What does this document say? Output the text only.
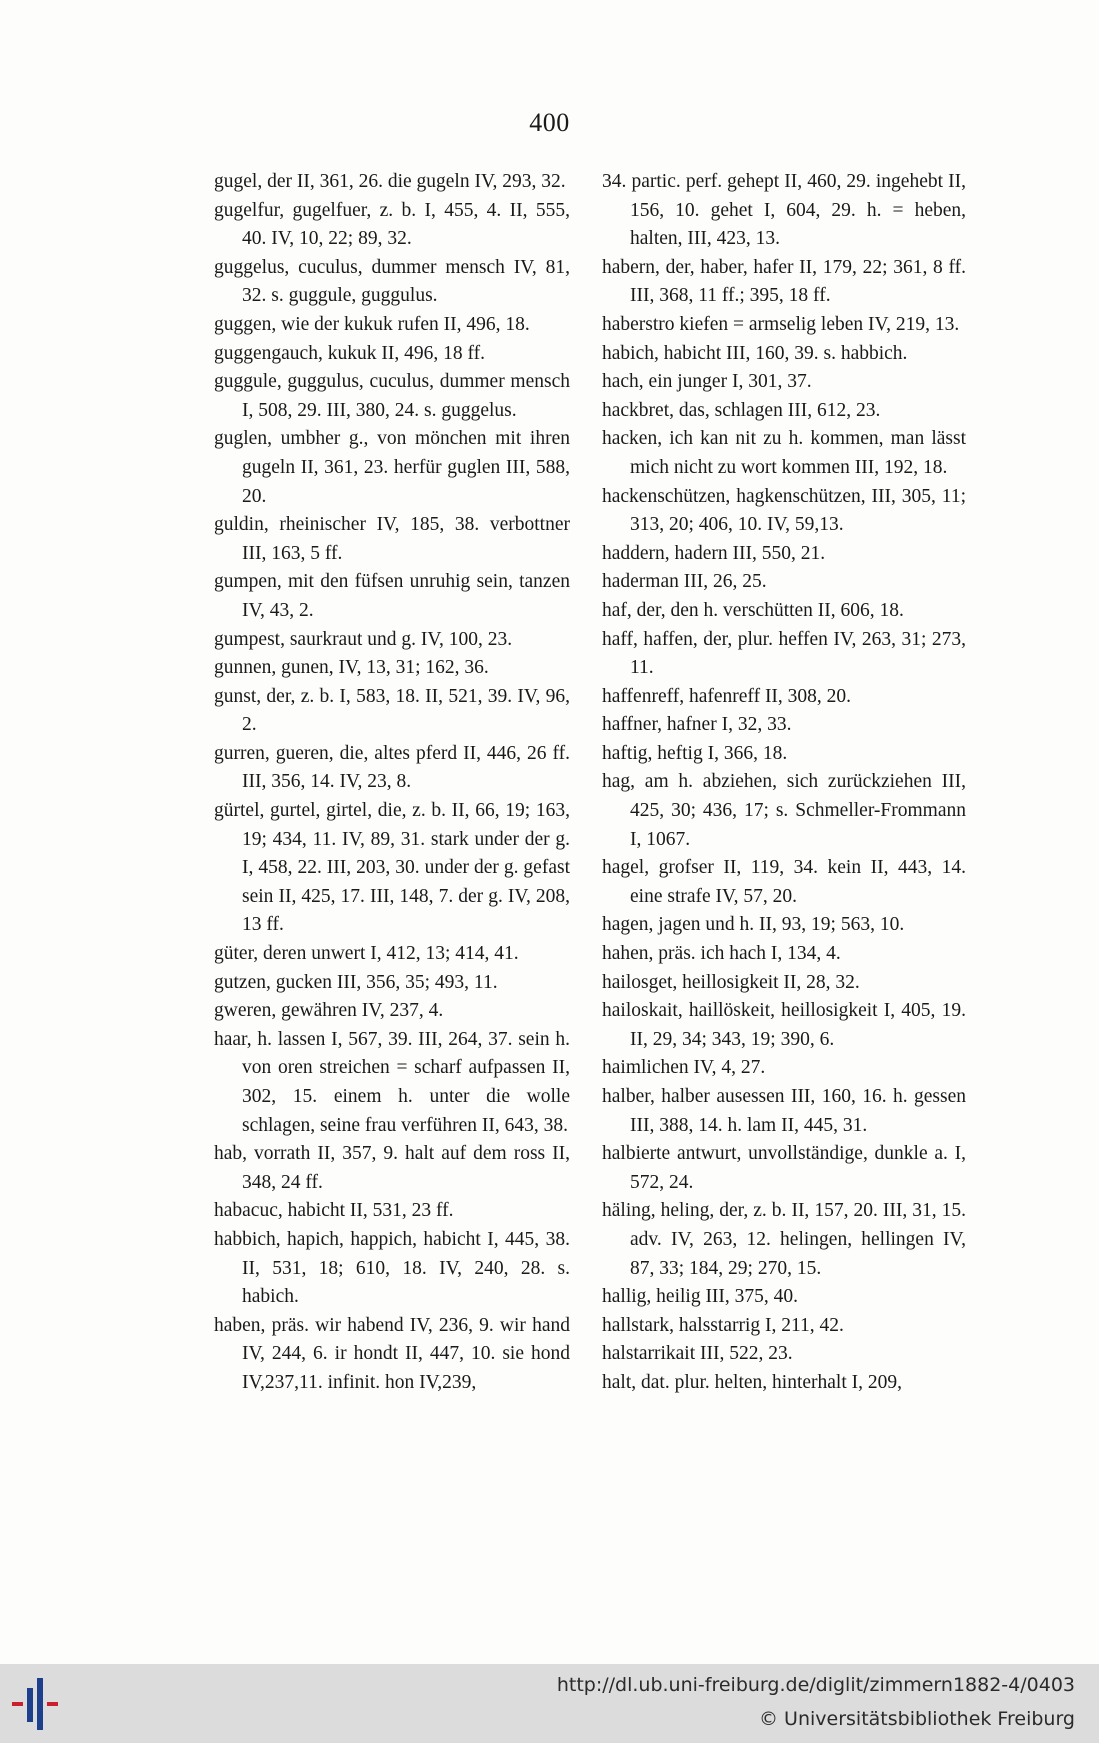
400

gugel, der II, 361, 26. die gugeln IV, 293, 32.

gugelfur, gugelfuer, z. b. I, 455, 4. II, 555, 40. IV, 10, 22; 89, 32.

guggelus, cuculus, dummer mensch IV, 81, 32. s. guggule, guggulus.

guggen, wie der kukuk rufen II, 496, 18.

guggengauch, kukuk II, 496, 18 ff.

guggule, guggulus, cuculus, dummer mensch I, 508, 29. III, 380, 24. s. guggelus.

guglen, umbher g., von mönchen mit ihren gugeln II, 361, 23. herfür guglen III, 588, 20.

guldin, rheinischer IV, 185, 38. verbottner III, 163, 5 ff.

gumpen, mit den füfsen unruhig sein, tanzen IV, 43, 2.

gumpest, saurkraut und g. IV, 100, 23.

gunnen, gunen, IV, 13, 31; 162, 36.

gunst, der, z. b. I, 583, 18. II, 521, 39. IV, 96, 2.

gurren, gueren, die, altes pferd II, 446, 26 ff. III, 356, 14. IV, 23, 8.

gürtel, gurtel, girtel, die, z. b. II, 66, 19; 163, 19; 434, 11. IV, 89, 31. stark under der g. I, 458, 22. III, 203, 30. under der g. gefast sein II, 425, 17. III, 148, 7. der g. IV, 208, 13 ff.

güter, deren unwert I, 412, 13; 414, 41.

gutzen, gucken III, 356, 35; 493, 11.

gweren, gewähren IV, 237, 4.

haar, h. lassen I, 567, 39. III, 264, 37. sein h. von oren streichen = scharf aufpassen II, 302, 15. einem h. unter die wolle schlagen, seine frau verführen II, 643, 38.

hab, vorrath II, 357, 9. halt auf dem ross II, 348, 24 ff.

habacuc, habicht II, 531, 23 ff.

habbich, hapich, happich, habicht I, 445, 38. II, 531, 18; 610, 18. IV, 240, 28. s. habich.

haben, präs. wir habend IV, 236, 9. wir hand IV, 244, 6. ir hondt II, 447, 10. sie hond IV,237,11. infinit. hon IV,239,

34. partic. perf. gehept II, 460, 29. ingehebt II, 156, 10. gehet I, 604, 29. h. = heben, halten, III, 423, 13.

habern, der, haber, hafer II, 179, 22; 361, 8 ff. III, 368, 11 ff.; 395, 18 ff.

haberstro kiefen = armselig leben IV, 219, 13.

habich, habicht III, 160, 39. s. habbich.

hach, ein junger I, 301, 37.

hackbret, das, schlagen III, 612, 23.

hacken, ich kan nit zu h. kommen, man lässt mich nicht zu wort kommen III, 192, 18.

hackenschützen, hagkenschützen, III, 305, 11; 313, 20; 406, 10. IV, 59,13.

haddern, hadern III, 550, 21.

haderman III, 26, 25.

haf, der, den h. verschütten II, 606, 18.

haff, haffen, der, plur. heffen IV, 263, 31; 273, 11.

haffenreff, hafenreff II, 308, 20.

haffner, hafner I, 32, 33.

haftig, heftig I, 366, 18.

hag, am h. abziehen, sich zurückziehen III, 425, 30; 436, 17; s. Schmeller-Frommann I, 1067.

hagel, grofser II, 119, 34. kein II, 443, 14. eine strafe IV, 57, 20.

hagen, jagen und h. II, 93, 19; 563, 10.

hahen, präs. ich hach I, 134, 4.

hailosget, heillosigkeit II, 28, 32.

hailoskait, haillöskeit, heillosigkeit I, 405, 19. II, 29, 34; 343, 19; 390, 6.

haimlichen IV, 4, 27.

halber, halber ausessen III, 160, 16. h. gessen III, 388, 14. h. lam II, 445, 31.

halbierte antwurt, unvollständige, dunkle a. I, 572, 24.

häling, heling, der, z. b. II, 157, 20. III, 31, 15. adv. IV, 263, 12. helingen, hellingen IV, 87, 33; 184, 29; 270, 15.

hallig, heilig III, 375, 40.

hallstark, halsstarrig I, 211, 42.

halstarrikait III, 522, 23.

halt, dat. plur. helten, hinterhalt I, 209,

http://dl.ub.uni-freiburg.de/diglit/zimmern1882-4/0403
© Universitätsbibliothek Freiburg
